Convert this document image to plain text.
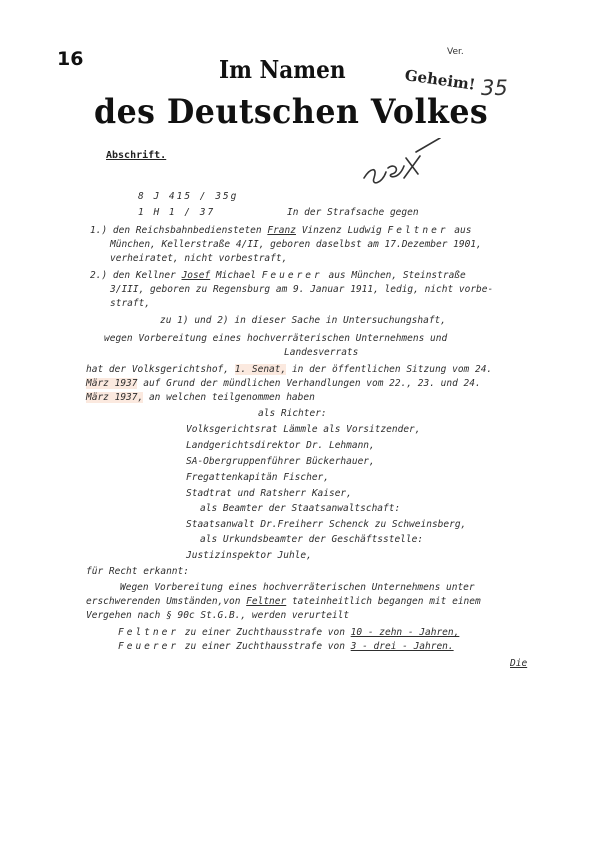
16	Ver.
Geheim! 35
Im Namen
des Deutschen Volkes
Abschrift.
8 J 415 / 35g
1 H 1 / 37	In der Strafsache gegen
1.) den Reichsbahnbediensteten Franz Vinzenz Ludwig Feltner aus
München, Kellerstraße 4/II, geboren daselbst am 17.Dezember 1901,
verheiratet, nicht vorbestraft,
2.) den Kellner Josef Michael Feuerer aus München, Steinstraße
3/III, geboren zu Regensburg am 9. Januar 1911, ledig, nicht vorbe-
straft,
zu 1) und 2) in dieser Sache in Untersuchungshaft,
wegen Vorbereitung eines hochverräterischen Unternehmens und
Landesverrats
hat der Volksgerichtshof, 1. Senat, in der öffentlichen Sitzung vom 24.
März 1937 auf Grund der mündlichen Verhandlungen vom 22., 23. und 24.
März 1937, an welchen teilgenommen haben
als Richter:
Volksgerichtsrat Lämmle als Vorsitzender,
Landgerichtsdirektor Dr. Lehmann,
SA-Obergruppenführer Bückerhauer,
Fregattenkapitän Fischer,
Stadtrat und Ratsherr Kaiser,
als Beamter der Staatsanwaltschaft:
Staatsanwalt Dr.Freiherr Schenck zu Schweinsberg,
als Urkundsbeamter der Geschäftsstelle:
Justizinspektor Juhle,
für Recht erkannt:
Wegen Vorbereitung eines hochverräterischen Unternehmens unter
erschwerenden Umständen,von Feltner tateinheitlich begangen mit einem
Vergehen nach § 90c St.G.B., werden verurteilt
Feltner zu einer Zuchthausstrafe von 10 - zehn - Jahren,
Feuerer zu einer Zuchthausstrafe von 3 - drei - Jahren.
Die
